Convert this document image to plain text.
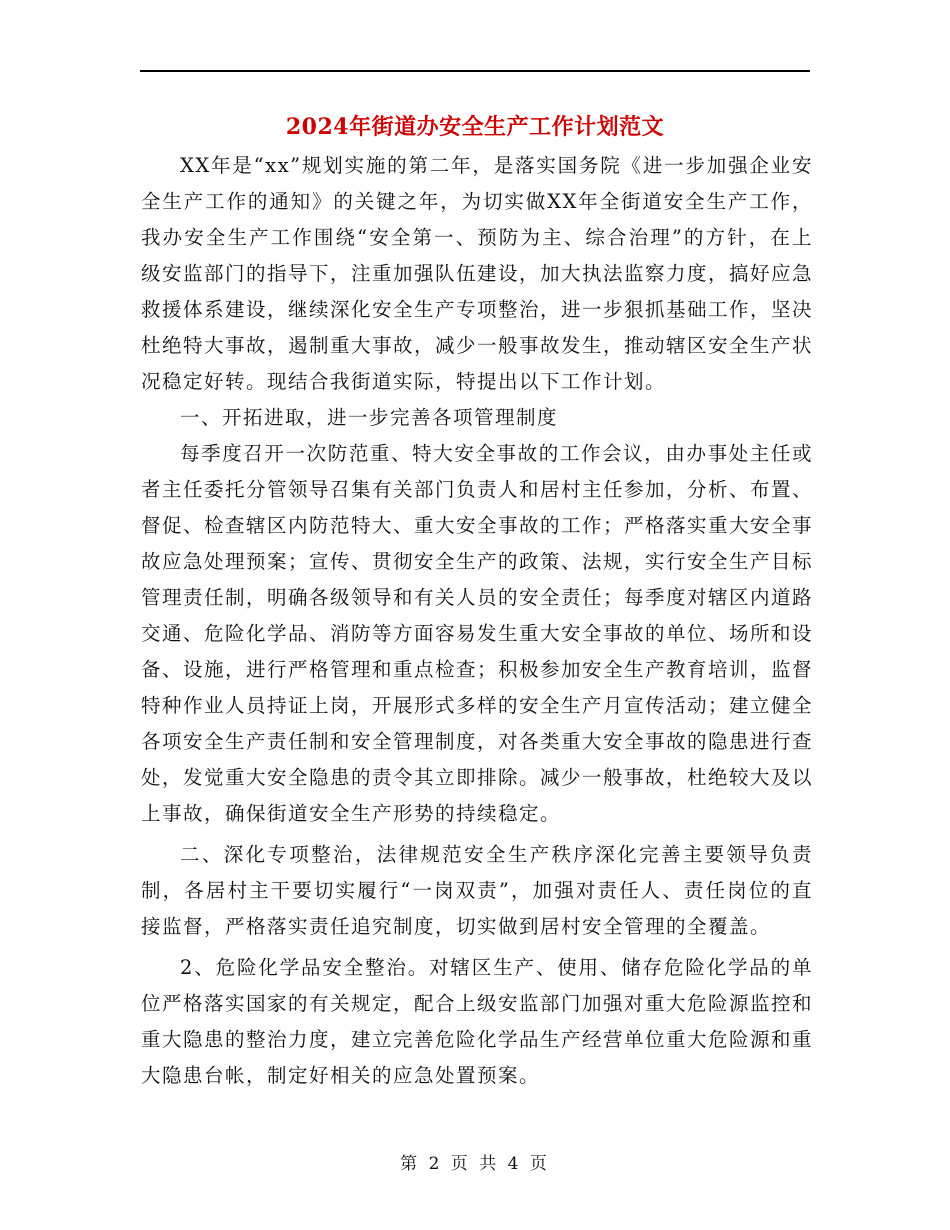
2024年街道办安全生产工作计划范文

XX年是“xx”规划实施的第二年，是落实国务院《进一步加强企业安全生产工作的通知》的关键之年，为切实做XX年全街道安全生产工作，我办安全生产工作围绕“安全第一、预防为主、综合治理”的方针，在上级安监部门的指导下，注重加强队伍建设，加大执法监察力度，搞好应急救援体系建设，继续深化安全生产专项整治，进一步狠抓基础工作，坚决杜绝特大事故，遏制重大事故，减少一般事故发生，推动辖区安全生产状况稳定好转。现结合我街道实际，特提出以下工作计划。

一、开拓进取，进一步完善各项管理制度

每季度召开一次防范重、特大安全事故的工作会议，由办事处主任或者主任委托分管领导召集有关部门负责人和居村主任参加，分析、布置、督促、检查辖区内防范特大、重大安全事故的工作；严格落实重大安全事故应急处理预案；宣传、贯彻安全生产的政策、法规，实行安全生产目标管理责任制，明确各级领导和有关人员的安全责任；每季度对辖区内道路交通、危险化学品、消防等方面容易发生重大安全事故的单位、场所和设备、设施，进行严格管理和重点检查；积极参加安全生产教育培训，监督特种作业人员持证上岗，开展形式多样的安全生产月宣传活动；建立健全各项安全生产责任制和安全管理制度，对各类重大安全事故的隐患进行查处，发觉重大安全隐患的责令其立即排除。减少一般事故，杜绝较大及以上事故，确保街道安全生产形势的持续稳定。

二、深化专项整治，法律规范安全生产秩序深化完善主要领导负责制，各居村主干要切实履行“一岗双责”，加强对责任人、责任岗位的直接监督，严格落实责任追究制度，切实做到居村安全管理的全覆盖。

2、危险化学品安全整治。对辖区生产、使用、储存危险化学品的单位严格落实国家的有关规定，配合上级安监部门加强对重大危险源监控和重大隐患的整治力度，建立完善危险化学品生产经营单位重大危险源和重大隐患台帐，制定好相关的应急处置预案。

第 2 页 共 4 页
